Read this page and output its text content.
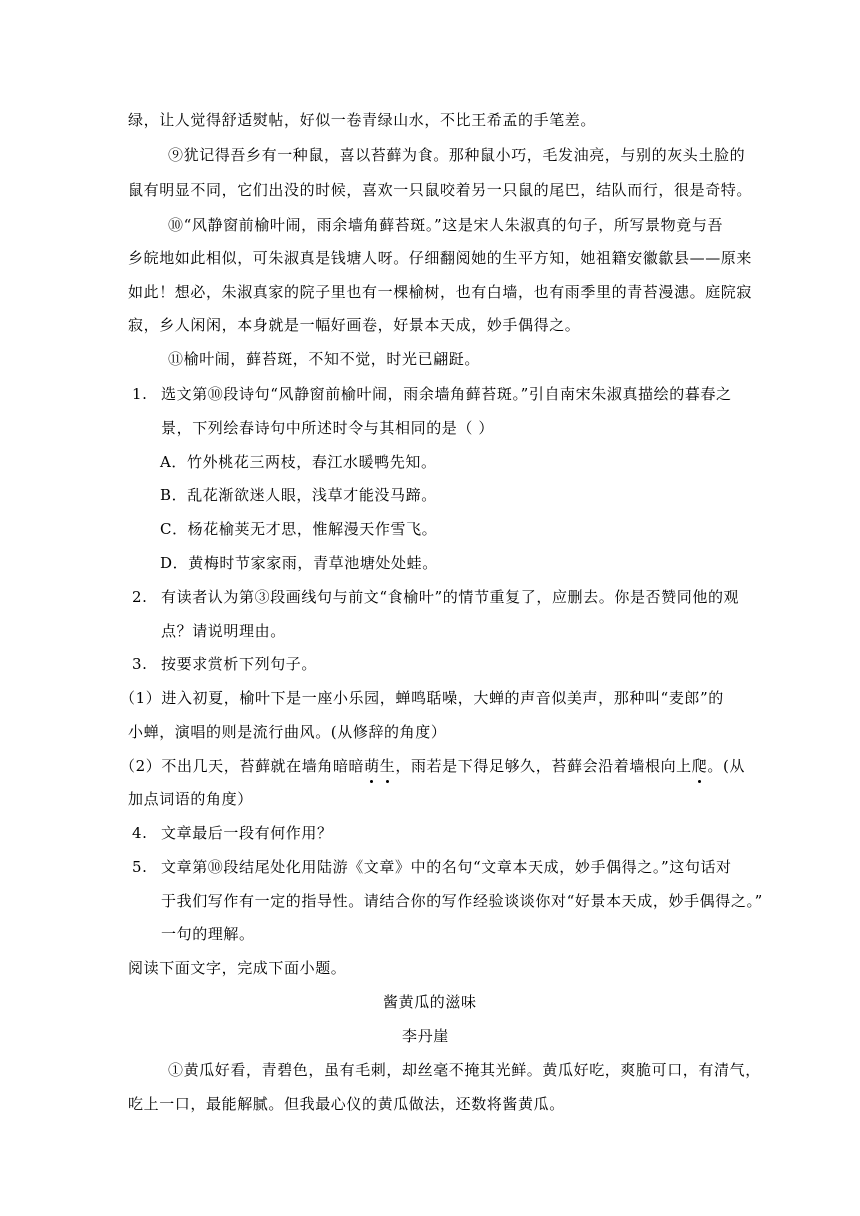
绿，让人觉得舒适熨帖，好似一卷青绿山水，不比王希孟的手笔差。
⑨犹记得吾乡有一种鼠，喜以苔藓为食。那种鼠小巧，毛发油亮，与别的灰头土脸的
鼠有明显不同，它们出没的时候，喜欢一只鼠咬着另一只鼠的尾巴，结队而行，很是奇特。
⑩“风静窗前榆叶闹，雨余墙角藓苔斑。”这是宋人朱淑真的句子，所写景物竟与吾
乡皖地如此相似，可朱淑真是钱塘人呀。仔细翻阅她的生平方知，她祖籍安徽歙县——原来
如此！想必，朱淑真家的院子里也有一棵榆树，也有白墙，也有雨季里的青苔漫漶。庭院寂
寂，乡人闲闲，本身就是一幅好画卷，好景本天成，妙手偶得之。
⑪榆叶闹，藓苔斑，不知不觉，时光已翩跹。
1. 选文第⑩段诗句“风静窗前榆叶闹，雨余墙角藓苔斑。”引自南宋朱淑真描绘的暮春之
景，下列绘春诗句中所述时令与其相同的是（ ）
A．竹外桃花三两枝，春江水暖鸭先知。
B．乱花渐欲迷人眼，浅草才能没马蹄。
C．杨花榆荚无才思，惟解漫天作雪飞。
D．黄梅时节家家雨，青草池塘处处蛙。
2. 有读者认为第③段画线句与前文“食榆叶”的情节重复了，应删去。你是否赞同他的观
点？请说明理由。
3. 按要求赏析下列句子。
（1）进入初夏，榆叶下是一座小乐园，蝉鸣聒噪，大蝉的声音似美声，那种叫“麦郎”的
小蝉，演唱的则是流行曲风。(从修辞的角度）
（2）不出几天，苔藓就在墙角暗暗萌生，雨若是下得足够久，苔藓会沿着墙根向上爬。(从
加点词语的角度）
4. 文章最后一段有何作用？
5. 文章第⑩段结尾处化用陆游《文章》中的名句“文章本天成，妙手偶得之。”这句话对
于我们写作有一定的指导性。请结合你的写作经验谈谈你对“好景本天成，妙手偶得之。”
一句的理解。
阅读下面文字，完成下面小题。
酱黄瓜的滋味
李丹崖
①黄瓜好看，青碧色，虽有毛刺，却丝毫不掩其光鲜。黄瓜好吃，爽脆可口，有清气，
吃上一口，最能解腻。但我最心仪的黄瓜做法，还数将酱黄瓜。
